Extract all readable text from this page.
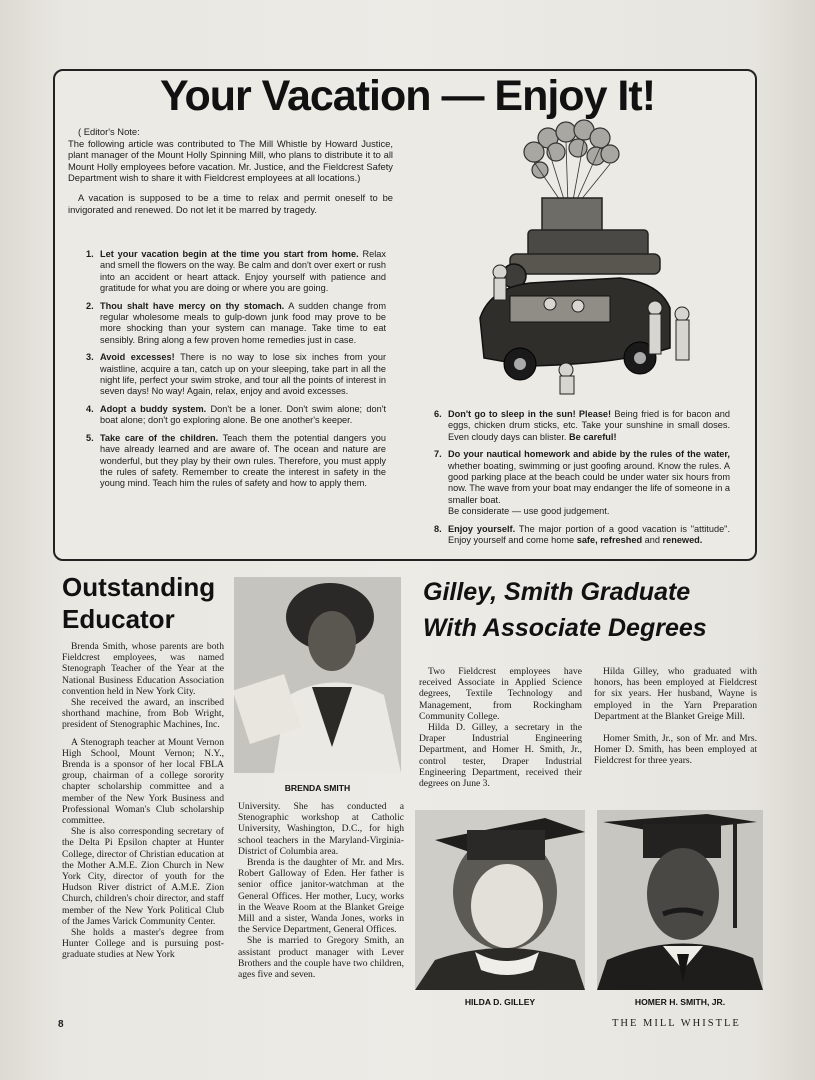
Your Vacation — Enjoy It!

( Editor's Note:
The following article was contributed to The Mill Whistle by Howard Justice, plant manager of the Mount Holly Spinning Mill, who plans to distribute it to all Mount Holly employees before vacation. Mr. Justice, and the Fieldcrest Safety Department wish to share it with Fieldcrest employees at all locations.)

A vacation is supposed to be a time to relax and permit oneself to be invigorated and renewed. Do not let it be marred by tragedy.

1. Let your vacation begin at the time you start from home. Relax and smell the flowers on the way. Be calm and don't over exert or rush into an accident or heart attack. Enjoy yourself with patience and gratitude for what you are doing or where you are going.
2. Thou shalt have mercy on thy stomach. A sudden change from regular wholesome meals to gulp-down junk food may prove to be more shocking than your system can manage. Take time to eat sensibly. Bring along a few proven home remedies just in case.
3. Avoid excesses! There is no way to lose six inches from your waistline, acquire a tan, catch up on your sleeping, take part in all the night life, perfect your swim stroke, and tour all the points of interest in seven days! No way! Again, relax, enjoy and avoid excesses.
4. Adopt a buddy system. Don't be a loner. Don't swim alone; don't boat alone; don't go exploring alone. Be one another's keeper.
5. Take care of the children. Teach them the potential dangers you have already learned and are aware of. The ocean and nature are wonderful, but they play by their own rules. Therefore, you must apply the rules of safety. Remember to create the interest in safety in the young mind. Teach him the rules of safety and how to apply them.
6. Don't go to sleep in the sun! Please! Being fried is for bacon and eggs, chicken drum sticks, etc. Take your sunshine in small doses. Even cloudy days can blister. Be careful!
7. Do your nautical homework and abide by the rules of the water, whether boating, swimming or just goofing around. Know the rules. A good parking place at the beach could be under water six hours from now. The wave from your boat may endanger the life of someone in a smaller boat.
Be considerate — use good judgement.
8. Enjoy yourself. The major portion of a good vacation is "attitude". Enjoy yourself and come home safe, refreshed and renewed.
Outstanding
Educator

Brenda Smith, whose parents are both Fieldcrest employees, was named Stenograph Teacher of the Year at the National Business Education Association convention held in New York City.

She received the award, an inscribed shorthand machine, from Bob Wright, president of Stenographic Machines, Inc.

A Stenograph teacher at Mount Vernon High School, Mount Vernon; N.Y., Brenda is a sponsor of her local FBLA group, chairman of a college sorority chapter scholarship committee and a member of the New York Business and Professional Woman's Club scholarship committee.

She is also corresponding secretary of the Delta Pi Epsilon chapter at Hunter College, director of Christian education at the Mother A.M.E. Zion Church in New York City, director of youth for the Hudson River district of A.M.E. Zion Church, children's choir director, and staff member of the New York Political Club of the James Varick Community Center.

She holds a master's degree from Hunter College and is pursuing post-graduate studies at New York

BRENDA SMITH

University. She has conducted a Stenographic workshop at Catholic University, Washington, D.C., for high school teachers in the Maryland-Virginia-District of Columbia area.

Brenda is the daughter of Mr. and Mrs. Robert Galloway of Eden. Her father is senior office janitor-watchman at the General Offices. Her mother, Lucy, works in the Weave Room at the Blanket Greige Mill and a sister, Wanda Jones, works in the Service Department, General Offices.

She is married to Gregory Smith, an assistant product manager with Lever Brothers and the couple have two children, ages five and seven.

Gilley, Smith Graduate
With Associate Degrees

Two Fieldcrest employees have received Associate in Applied Science degrees, Textile Technology and Management, from Rockingham Community College.

Hilda D. Gilley, a secretary in the Draper Industrial Engineering Department, and Homer H. Smith, Jr., control tester, Draper Industrial Engineering Department, received their degrees on June 3.

Hilda Gilley, who graduated with honors, has been employed at Fieldcrest for six years. Her husband, Wayne is employed in the Yarn Preparation Department at the Blanket Greige Mill.

Homer Smith, Jr., son of Mr. and Mrs. Homer D. Smith, has been employed at Fieldcrest for three years.

HILDA D. GILLEY	HOMER H. SMITH, JR.
8	THE MILL WHISTLE
